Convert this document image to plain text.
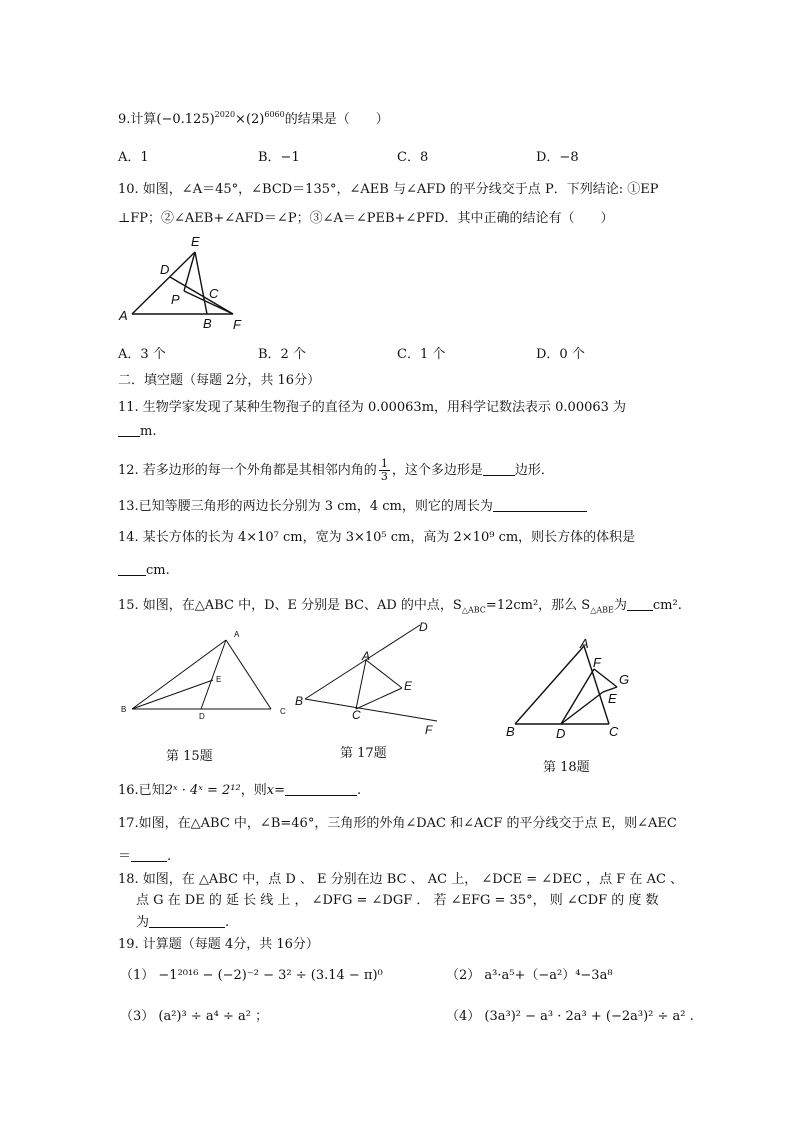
9.计算$(-0.125)^{2020}\times(2)^{6060}$的结果是（　　）
A．1	B．−1	C．8	D．−8
10. 如图，∠A＝45°，∠BCD＝135°，∠AEB 与∠AFD 的平分线交于点 P．下列结论: ①EP
⊥FP；②∠AEB+∠AFD＝∠P；③∠A＝∠PEB+∠PFD．其中正确的结论有（　　）
E
D
C
P
A
B F
A．3 个	B．2 个	C．1 个	D．0 个
二．填空题（每题 2分，共 16分）
11. 生物学家发现了某种生物孢子的直径为 0.00063m，用科学记数法表示 0.00063 为
m.
12. 若多边形的每一个外角都是其相邻内角的 $\frac{1}{3}$ ，这个多边形是 边形．
13.已知等腰三角形的两边长分别为 3 cm，4 cm，则它的周长为
14. 某长方体的长为 4×10⁷ cm，宽为 3×10⁵ cm，高为 2×10⁹ cm，则长方体的体积是
cm.
15. 如图，在△ABC 中，D、E 分别是 BC、AD 的中点，$S_{\triangle ABC}=12cm^2$，那么 $S_{\triangle ABE}$为 cm².
A
B	C
D
E
第 15题
D
A
E
B
C
F
第 17题
A
F
G
E
B	D	C
第 18题
16.已知2ˣ · 4ˣ = 2¹²，则x=	.
17.如图，在△ABC 中，∠B=46°，三角形的外角∠DAC 和∠ACF 的平分线交于点 E，则∠AEC
＝	.
18. 如图，在 △ABC 中，点 D 、 E 分别在边 BC 、 AC 上， ∠DCE = ∠DEC ，点 F 在 AC 、
点 G 在 DE 的 延 长 线 上 ， ∠DFG = ∠DGF ． 若 ∠EFG = 35°， 则 ∠CDF 的 度 数
为	.
19. 计算题（每题 4分，共 16分）
（1） −1²⁰¹⁶ − (−2)⁻² − 3² ÷ (3.14 − π)⁰	（2） a³·a⁵+（−a²）⁴−3a⁸
（3） (a²)³ ÷ a⁴ ÷ a² ；	（4） (3a³)² − a³ · 2a³ + (−2a³)² ÷ a² .
